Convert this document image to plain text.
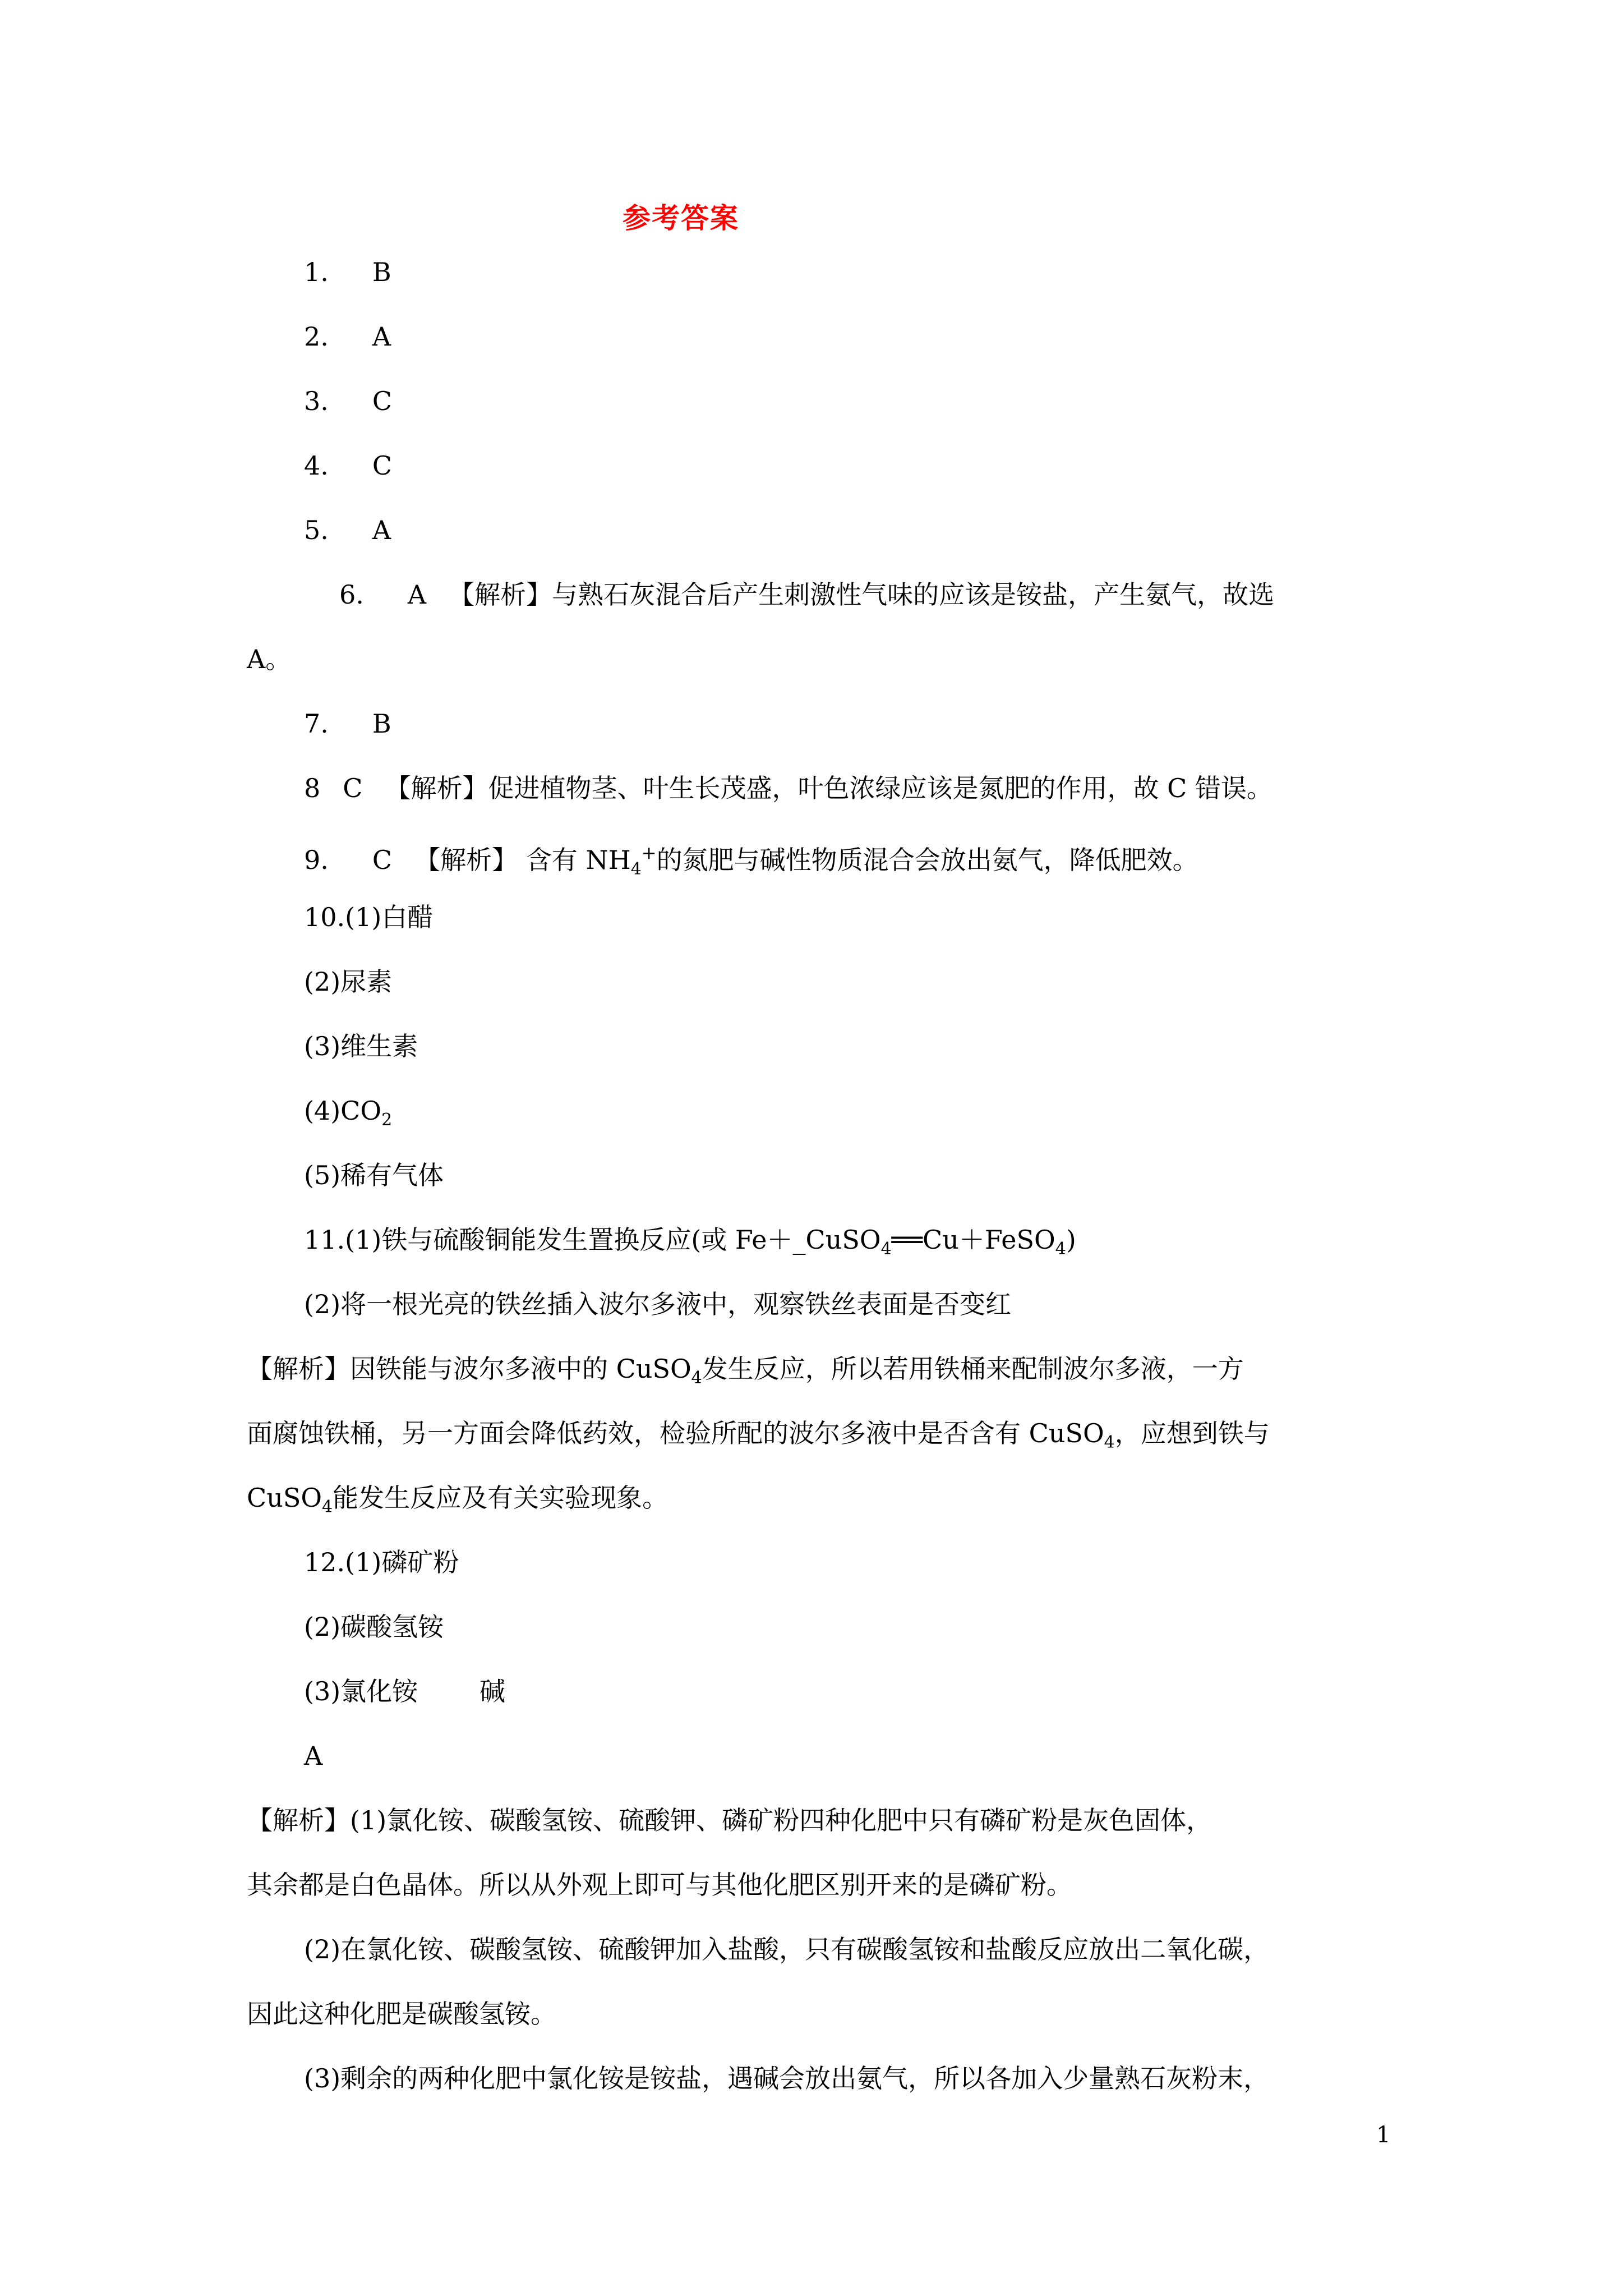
参考答案
1. B
2. A
3. C
4. C
5. A
6. A 【解析】与熟石灰混合后产生刺激性气味的应该是铵盐，产生氨气，故选
A。
7. B
8 C 【解析】促进植物茎、叶生长茂盛，叶色浓绿应该是氮肥的作用，故 C 错误。
9. C 【解析】 含有 $NH_4^+$的氮肥与碱性物质混合会放出氨气，降低肥效。
10.(1)白醋
(2)尿素
(3)维生素
$(4)CO_2$
(5)稀有气体
11.(1)铁与硫酸铜能发生置换反应(或 Fe＋_CuSO$_4$══Cu＋FeSO$_4$)
(2)将一根光亮的铁丝插入波尔多液中，观察铁丝表面是否变红
【解析】因铁能与波尔多液中的 CuSO$_4$发生反应，所以若用铁桶来配制波尔多液，一方
面腐蚀铁桶，另一方面会降低药效，检验所配的波尔多液中是否含有 CuSO$_4$，应想到铁与
CuSO$_4$能发生反应及有关实验现象。
12.(1)磷矿粉
(2)碳酸氢铵
(3)氯化铵 碱
A
【解析】(1)氯化铵、碳酸氢铵、硫酸钾、磷矿粉四种化肥中只有磷矿粉是灰色固体，
其余都是白色晶体。所以从外观上即可与其他化肥区别开来的是磷矿粉。
(2)在氯化铵、碳酸氢铵、硫酸钾加入盐酸，只有碳酸氢铵和盐酸反应放出二氧化碳，
因此这种化肥是碳酸氢铵。
(3)剩余的两种化肥中氯化铵是铵盐，遇碱会放出氨气，所以各加入少量熟石灰粉末，
1
